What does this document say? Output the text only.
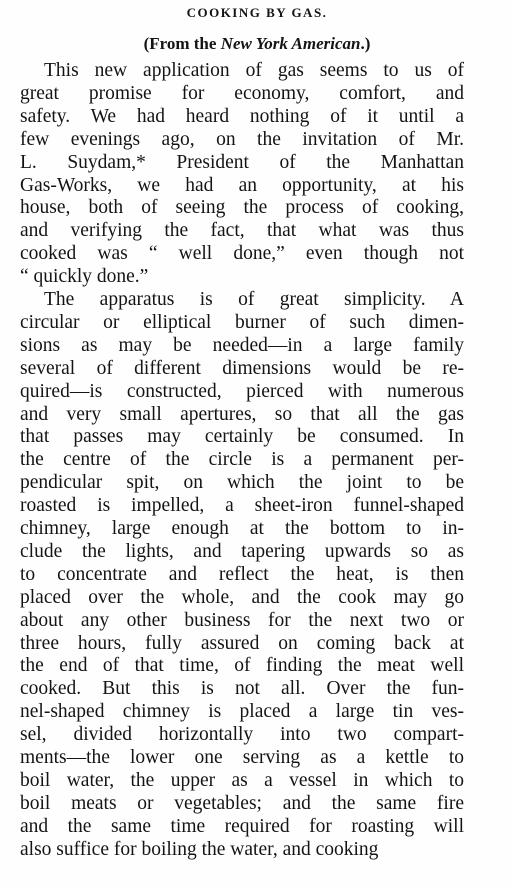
COOKING BY GAS.
(From the New York American.)
This new application of gas seems to us of
great promise for economy, comfort, and
safety. We had heard nothing of it until a
few evenings ago, on the invitation of Mr.
L. Suydam,* President of the Manhattan
Gas-Works, we had an opportunity, at his
house, both of seeing the process of cooking,
and verifying the fact, that what was thus
cooked was “ well done,” even though not
“ quickly done.”
The apparatus is of great simplicity. A
circular or elliptical burner of such dimen-
sions as may be needed—in a large family
several of different dimensions would be re-
quired—is constructed, pierced with numerous
and very small apertures, so that all the gas
that passes may certainly be consumed. In
the centre of the circle is a permanent per-
pendicular spit, on which the joint to be
roasted is impelled, a sheet-iron funnel-shaped
chimney, large enough at the bottom to in-
clude the lights, and tapering upwards so as
to concentrate and reflect the heat, is then
placed over the whole, and the cook may go
about any other business for the next two or
three hours, fully assured on coming back at
the end of that time, of finding the meat well
cooked. But this is not all. Over the fun-
nel-shaped chimney is placed a large tin ves-
sel, divided horizontally into two compart-
ments—the lower one serving as a kettle to
boil water, the upper as a vessel in which to
boil meats or vegetables; and the same fire
and the same time required for roasting will
also suffice for boiling the water, and cooking
